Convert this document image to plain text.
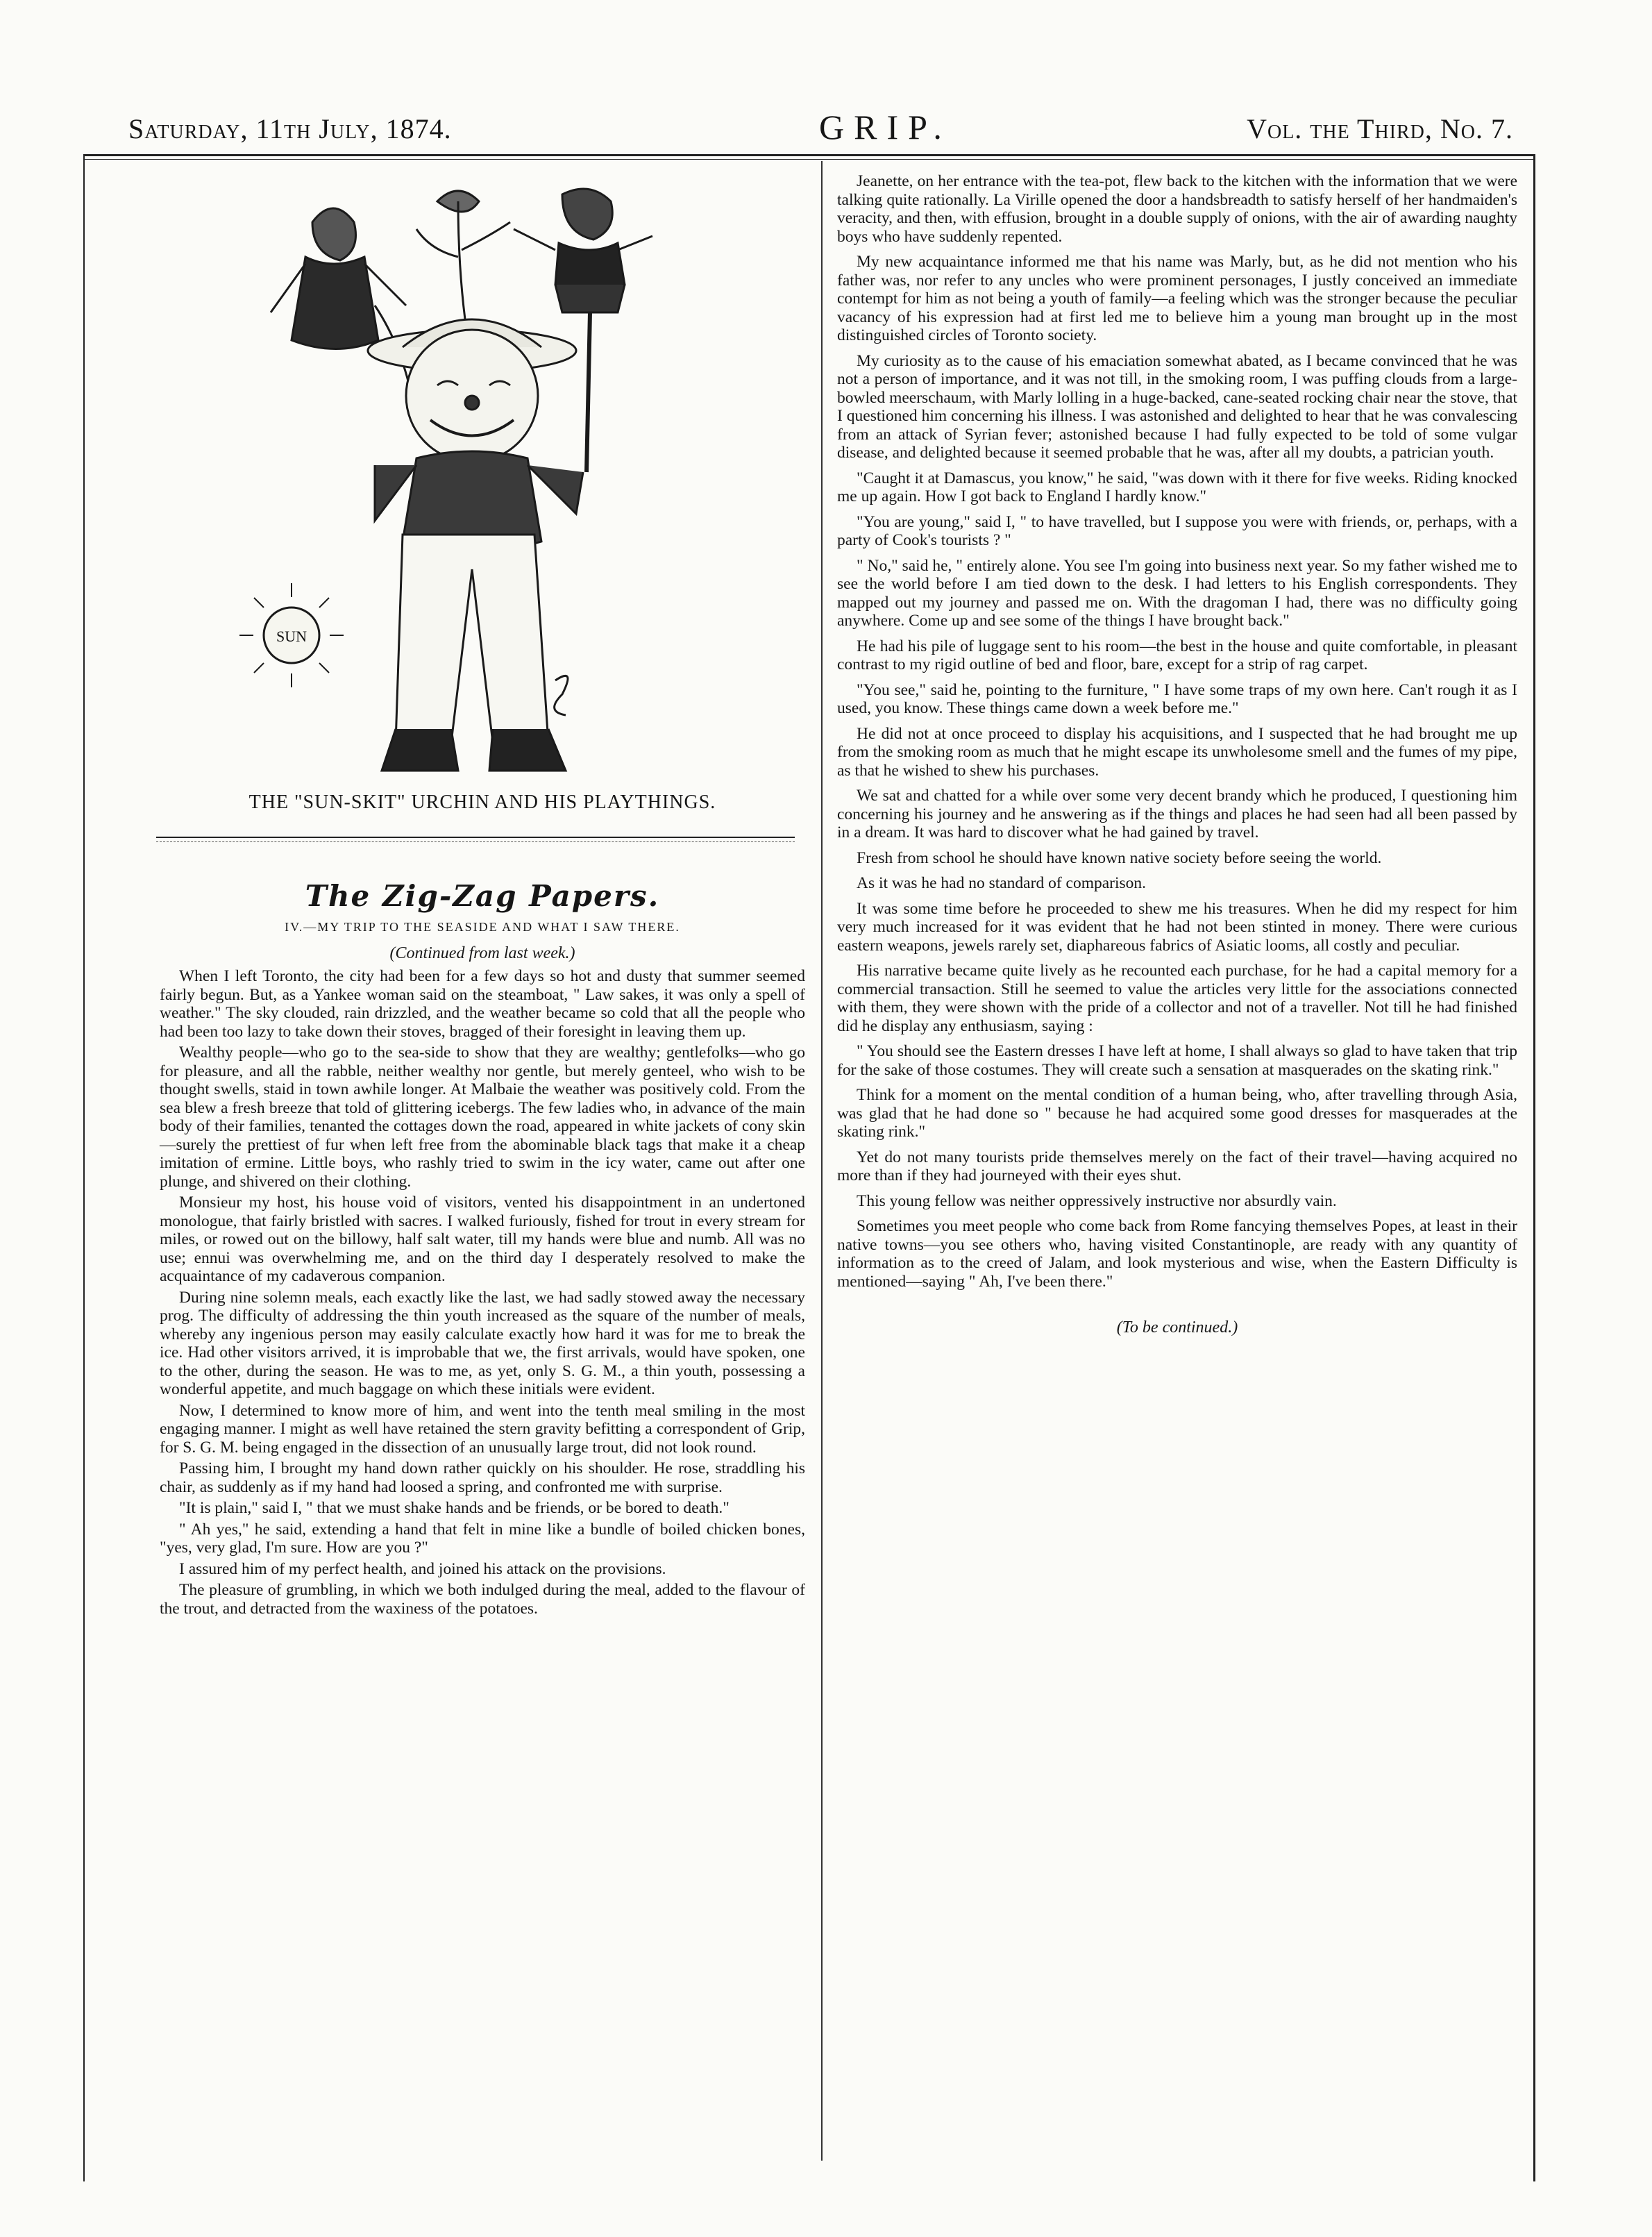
Saturday, 11th July, 1874.	GRIP.	Vol. the Third, No. 7.
SUN
THE "SUN-SKIT" URCHIN AND HIS PLAYTHINGS.
The Zig-Zag Papers.
IV.—MY TRIP TO THE SEASIDE AND WHAT I SAW THERE.
(Continued from last week.)

When I left Toronto, the city had been for a few days so hot and dusty that summer seemed fairly begun. But, as a Yankee woman said on the steamboat, " Law sakes, it was only a spell of weather." The sky clouded, rain drizzled, and the weather became so cold that all the people who had been too lazy to take down their stoves, bragged of their foresight in leaving them up.

Wealthy people—who go to the sea-side to show that they are wealthy; gentlefolks—who go for pleasure, and all the rabble, neither wealthy nor gentle, but merely genteel, who wish to be thought swells, staid in town awhile longer. At Malbaie the weather was positively cold. From the sea blew a fresh breeze that told of glittering icebergs. The few ladies who, in advance of the main body of their families, tenanted the cottages down the road, appeared in white jackets of cony skin—surely the prettiest of fur when left free from the abominable black tags that make it a cheap imitation of ermine. Little boys, who rashly tried to swim in the icy water, came out after one plunge, and shivered on their clothing.

Monsieur my host, his house void of visitors, vented his disappointment in an undertoned monologue, that fairly bristled with sacres. I walked furiously, fished for trout in every stream for miles, or rowed out on the billowy, half salt water, till my hands were blue and numb. All was no use; ennui was overwhelming me, and on the third day I desperately resolved to make the acquaintance of my cadaverous companion.

During nine solemn meals, each exactly like the last, we had sadly stowed away the necessary prog. The difficulty of addressing the thin youth increased as the square of the number of meals, whereby any ingenious person may easily calculate exactly how hard it was for me to break the ice. Had other visitors arrived, it is improbable that we, the first arrivals, would have spoken, one to the other, during the season. He was to me, as yet, only S. G. M., a thin youth, possessing a wonderful appetite, and much baggage on which these initials were evident.

Now, I determined to know more of him, and went into the tenth meal smiling in the most engaging manner. I might as well have retained the stern gravity befitting a correspondent of Grip, for S. G. M. being engaged in the dissection of an unusually large trout, did not look round.

Passing him, I brought my hand down rather quickly on his shoulder. He rose, straddling his chair, as suddenly as if my hand had loosed a spring, and confronted me with surprise.

"It is plain," said I, " that we must shake hands and be friends, or be bored to death."

" Ah yes," he said, extending a hand that felt in mine like a bundle of boiled chicken bones, "yes, very glad, I'm sure. How are you ?"

I assured him of my perfect health, and joined his attack on the provisions.

The pleasure of grumbling, in which we both indulged during the meal, added to the flavour of the trout, and detracted from the waxiness of the potatoes.

Jeanette, on her entrance with the tea-pot, flew back to the kitchen with the information that we were talking quite rationally. La Virille opened the door a handsbreadth to satisfy herself of her handmaiden's veracity, and then, with effusion, brought in a double supply of onions, with the air of awarding naughty boys who have suddenly repented.

My new acquaintance informed me that his name was Marly, but, as he did not mention who his father was, nor refer to any uncles who were prominent personages, I justly conceived an immediate contempt for him as not being a youth of family—a feeling which was the stronger because the peculiar vacancy of his expression had at first led me to believe him a young man brought up in the most distinguished circles of Toronto society.

My curiosity as to the cause of his emaciation somewhat abated, as I became convinced that he was not a person of importance, and it was not till, in the smoking room, I was puffing clouds from a large-bowled meerschaum, with Marly lolling in a huge-backed, cane-seated rocking chair near the stove, that I questioned him concerning his illness. I was astonished and delighted to hear that he was convalescing from an attack of Syrian fever; astonished because I had fully expected to be told of some vulgar disease, and delighted because it seemed probable that he was, after all my doubts, a patrician youth.

"Caught it at Damascus, you know," he said, "was down with it there for five weeks. Riding knocked me up again. How I got back to England I hardly know."

"You are young," said I, " to have travelled, but I suppose you were with friends, or, perhaps, with a party of Cook's tourists ? "

" No," said he, " entirely alone. You see I'm going into business next year. So my father wished me to see the world before I am tied down to the desk. I had letters to his English correspondents. They mapped out my journey and passed me on. With the dragoman I had, there was no difficulty going anywhere. Come up and see some of the things I have brought back."

He had his pile of luggage sent to his room—the best in the house and quite comfortable, in pleasant contrast to my rigid outline of bed and floor, bare, except for a strip of rag carpet.

"You see," said he, pointing to the furniture, " I have some traps of my own here. Can't rough it as I used, you know. These things came down a week before me."

He did not at once proceed to display his acquisitions, and I suspected that he had brought me up from the smoking room as much that he might escape its unwholesome smell and the fumes of my pipe, as that he wished to shew his purchases.

We sat and chatted for a while over some very decent brandy which he produced, I questioning him concerning his journey and he answering as if the things and places he had seen had all been passed by in a dream. It was hard to discover what he had gained by travel.

Fresh from school he should have known native society before seeing the world.

As it was he had no standard of comparison.

It was some time before he proceeded to shew me his treasures. When he did my respect for him very much increased for it was evident that he had not been stinted in money. There were curious eastern weapons, jewels rarely set, diaphareous fabrics of Asiatic looms, all costly and peculiar.

His narrative became quite lively as he recounted each purchase, for he had a capital memory for a commercial transaction. Still he seemed to value the articles very little for the associations connected with them, they were shown with the pride of a collector and not of a traveller. Not till he had finished did he display any enthusiasm, saying :

" You should see the Eastern dresses I have left at home, I shall always so glad to have taken that trip for the sake of those costumes. They will create such a sensation at masquerades on the skating rink."

Think for a moment on the mental condition of a human being, who, after travelling through Asia, was glad that he had done so " because he had acquired some good dresses for masquerades at the skating rink."

Yet do not many tourists pride themselves merely on the fact of their travel—having acquired no more than if they had journeyed with their eyes shut.

This young fellow was neither oppressively instructive nor absurdly vain.

Sometimes you meet people who come back from Rome fancying themselves Popes, at least in their native towns—you see others who, having visited Constantinople, are ready with any quantity of information as to the creed of Jalam, and look mysterious and wise, when the Eastern Difficulty is mentioned—saying " Ah, I've been there."

(To be continued.)
